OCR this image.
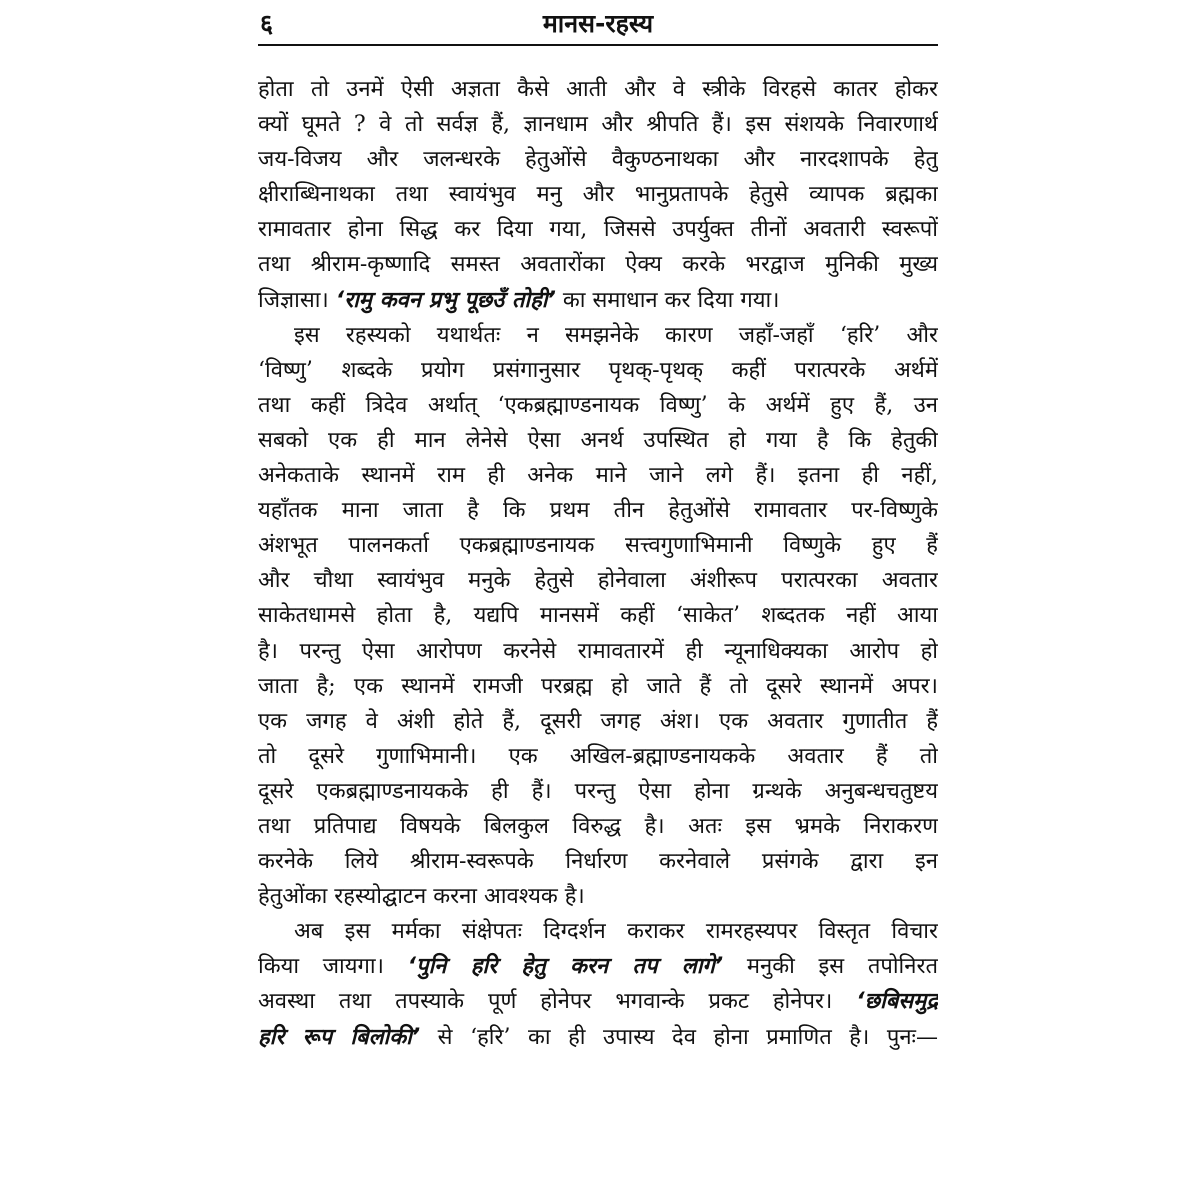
६	मानस-रहस्य
होता तो उनमें ऐसी अज्ञता कैसे आती और वे स्त्रीके विरहसे कातर होकर
क्यों घूमते ? वे तो सर्वज्ञ हैं, ज्ञानधाम और श्रीपति हैं। इस संशयके निवारणार्थ
जय-विजय और जलन्धरके हेतुओंसे वैकुण्ठनाथका और नारदशापके हेतु
क्षीराब्धिनाथका तथा स्वायंभुव मनु और भानुप्रतापके हेतुसे व्यापक ब्रह्मका
रामावतार होना सिद्ध कर दिया गया, जिससे उपर्युक्त तीनों अवतारी स्वरूपों
तथा श्रीराम-कृष्णादि समस्त अवतारोंका ऐक्य करके भरद्वाज मुनिकी मुख्य
जिज्ञासा। ‘रामु कवन प्रभु पूछउँ तोही’ का समाधान कर दिया गया।
इस रहस्यको यथार्थतः न समझनेके कारण जहाँ-जहाँ ‘हरि’ और
‘विष्णु’ शब्दके प्रयोग प्रसंगानुसार पृथक्-पृथक् कहीं परात्परके अर्थमें
तथा कहीं त्रिदेव अर्थात् ‘एकब्रह्माण्डनायक विष्णु’ के अर्थमें हुए हैं, उन
सबको एक ही मान लेनेसे ऐसा अनर्थ उपस्थित हो गया है कि हेतुकी
अनेकताके स्थानमें राम ही अनेक माने जाने लगे हैं। इतना ही नहीं,
यहाँतक माना जाता है कि प्रथम तीन हेतुओंसे रामावतार पर-विष्णुके
अंशभूत पालनकर्ता एकब्रह्माण्डनायक सत्त्वगुणाभिमानी विष्णुके हुए हैं
और चौथा स्वायंभुव मनुके हेतुसे होनेवाला अंशीरूप परात्परका अवतार
साकेतधामसे होता है, यद्यपि मानसमें कहीं ‘साकेत’ शब्दतक नहीं आया
है। परन्तु ऐसा आरोपण करनेसे रामावतारमें ही न्यूनाधिक्यका आरोप हो
जाता है; एक स्थानमें रामजी परब्रह्म हो जाते हैं तो दूसरे स्थानमें अपर।
एक जगह वे अंशी होते हैं, दूसरी जगह अंश। एक अवतार गुणातीत हैं
तो दूसरे गुणाभिमानी। एक अखिल-ब्रह्माण्डनायकके अवतार हैं तो
दूसरे एकब्रह्माण्डनायकके ही हैं। परन्तु ऐसा होना ग्रन्थके अनुबन्धचतुष्टय
तथा प्रतिपाद्य विषयके बिलकुल विरुद्ध है। अतः इस भ्रमके निराकरण
करनेके लिये श्रीराम-स्वरूपके निर्धारण करनेवाले प्रसंगके द्वारा इन
हेतुओंका रहस्योद्घाटन करना आवश्यक है।
अब इस मर्मका संक्षेपतः दिग्दर्शन कराकर रामरहस्यपर विस्तृत विचार
किया जायगा। ‘पुनि हरि हेतु करन तप लागे’ मनुकी इस तपोनिरत
अवस्था तथा तपस्याके पूर्ण होनेपर भगवान्के प्रकट होनेपर। ‘छबिसमुद्र
हरि रूप बिलोकी’ से ‘हरि’ का ही उपास्य देव होना प्रमाणित है। पुनः—
